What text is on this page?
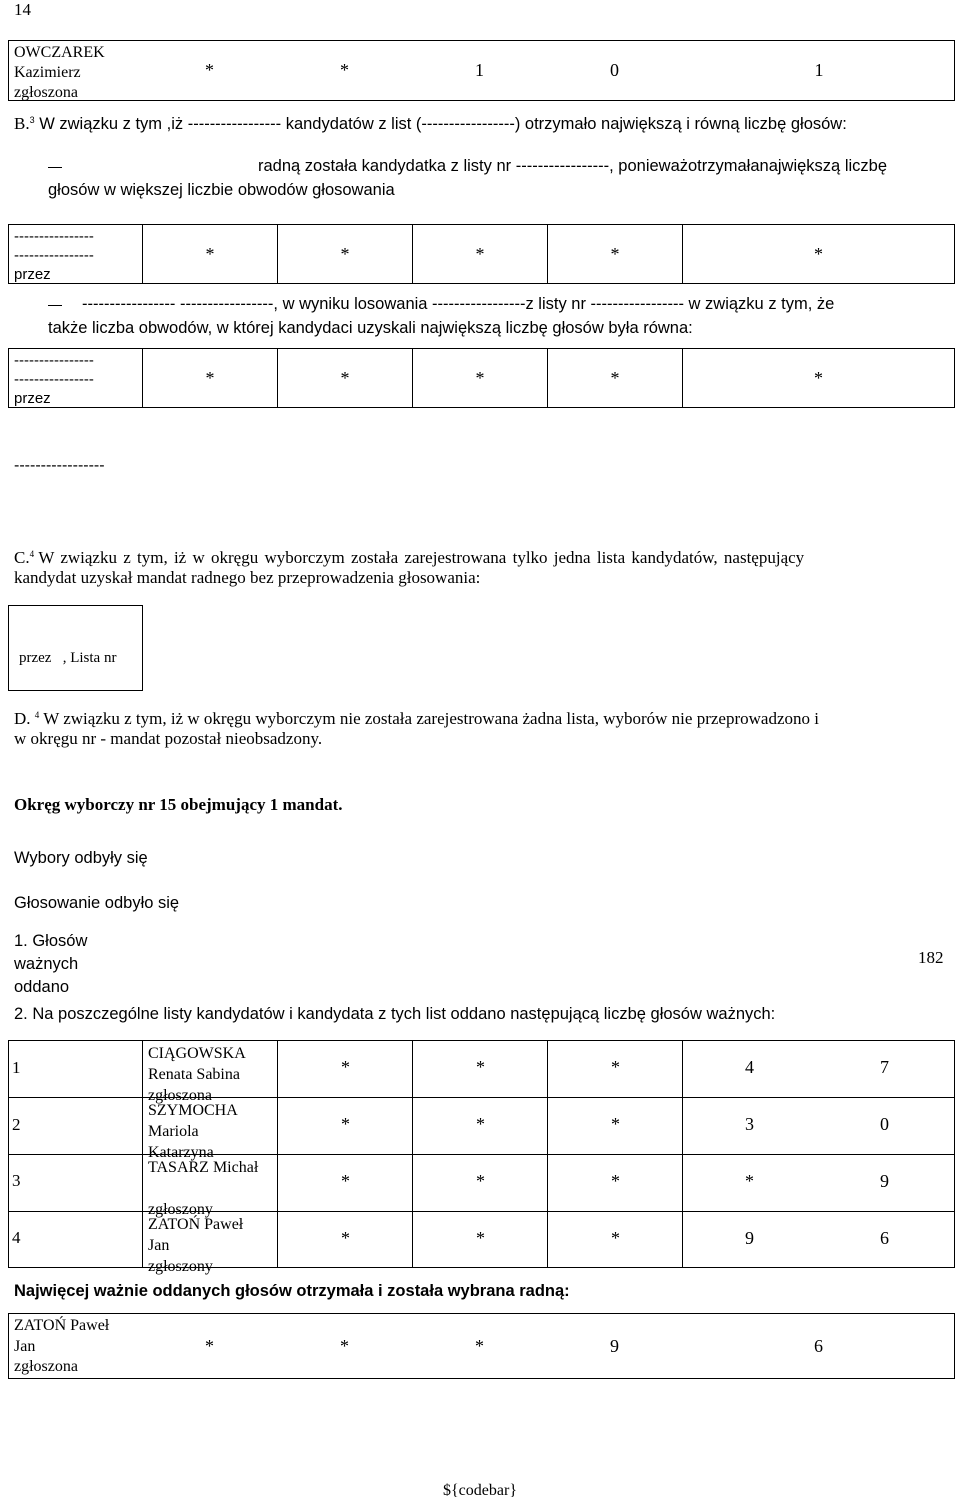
14
OWCZAREK
Kazimierz
zgłoszona
*	*	1	0	1
B.$^3$ W związku z tym ,iż ----------------- kandydatów z list (-----------------) otrzymało największą i równą liczbę głosów:
radną została kandydatka z listy nr -----------------, ponieważotrzymałanajwiększą liczbę
głosów w większej liczbie obwodów głosowania
----------------
----------------
przez
*	*	*	*	*
----------------- -----------------, w wyniku losowania -----------------z listy nr ----------------- w związku z tym, że
także liczba obwodów, w której kandydaci uzyskali największą liczbę głosów była równa:
----------------
----------------
przez
*	*	*	*	*
-----------------
C.$^4$ W związku z tym, iż w okręgu wyborczym została zarejestrowana tylko jedna lista kandydatów, następujący
kandydat uzyskał mandat radnego bez przeprowadzenia głosowania:
przez   , Lista nr
D. $^4$ W związku z tym, iż w okręgu wyborczym nie została zarejestrowana żadna lista, wyborów nie przeprowadzono i
w okręgu nr - mandat pozostał nieobsadzony.
Okręg wyborczy nr 15 obejmujący 1 mandat.
Wybory odbyły się
Głosowanie odbyło się
1. Głosów
ważnych
oddano
182
2. Na poszczególne listy kandydatów i kandydata z tych list oddano następującą liczbę głosów ważnych:
1
CIĄGOWSKA
Renata Sabina
zgłoszona
*	*	*	4	7
2
SZYMOCHA
Mariola
Katarzyna
*	*	*	3	0
3
TASARZ Michał
zgłoszony
*	*	*	*	9
4
ZATOŃ Paweł
Jan
zgłoszony
*	*	*	9	6
Najwięcej ważnie oddanych głosów otrzymała i została wybrana radną:
ZATOŃ Paweł
Jan
zgłoszona
*	*	*	9	6
${codebar}
